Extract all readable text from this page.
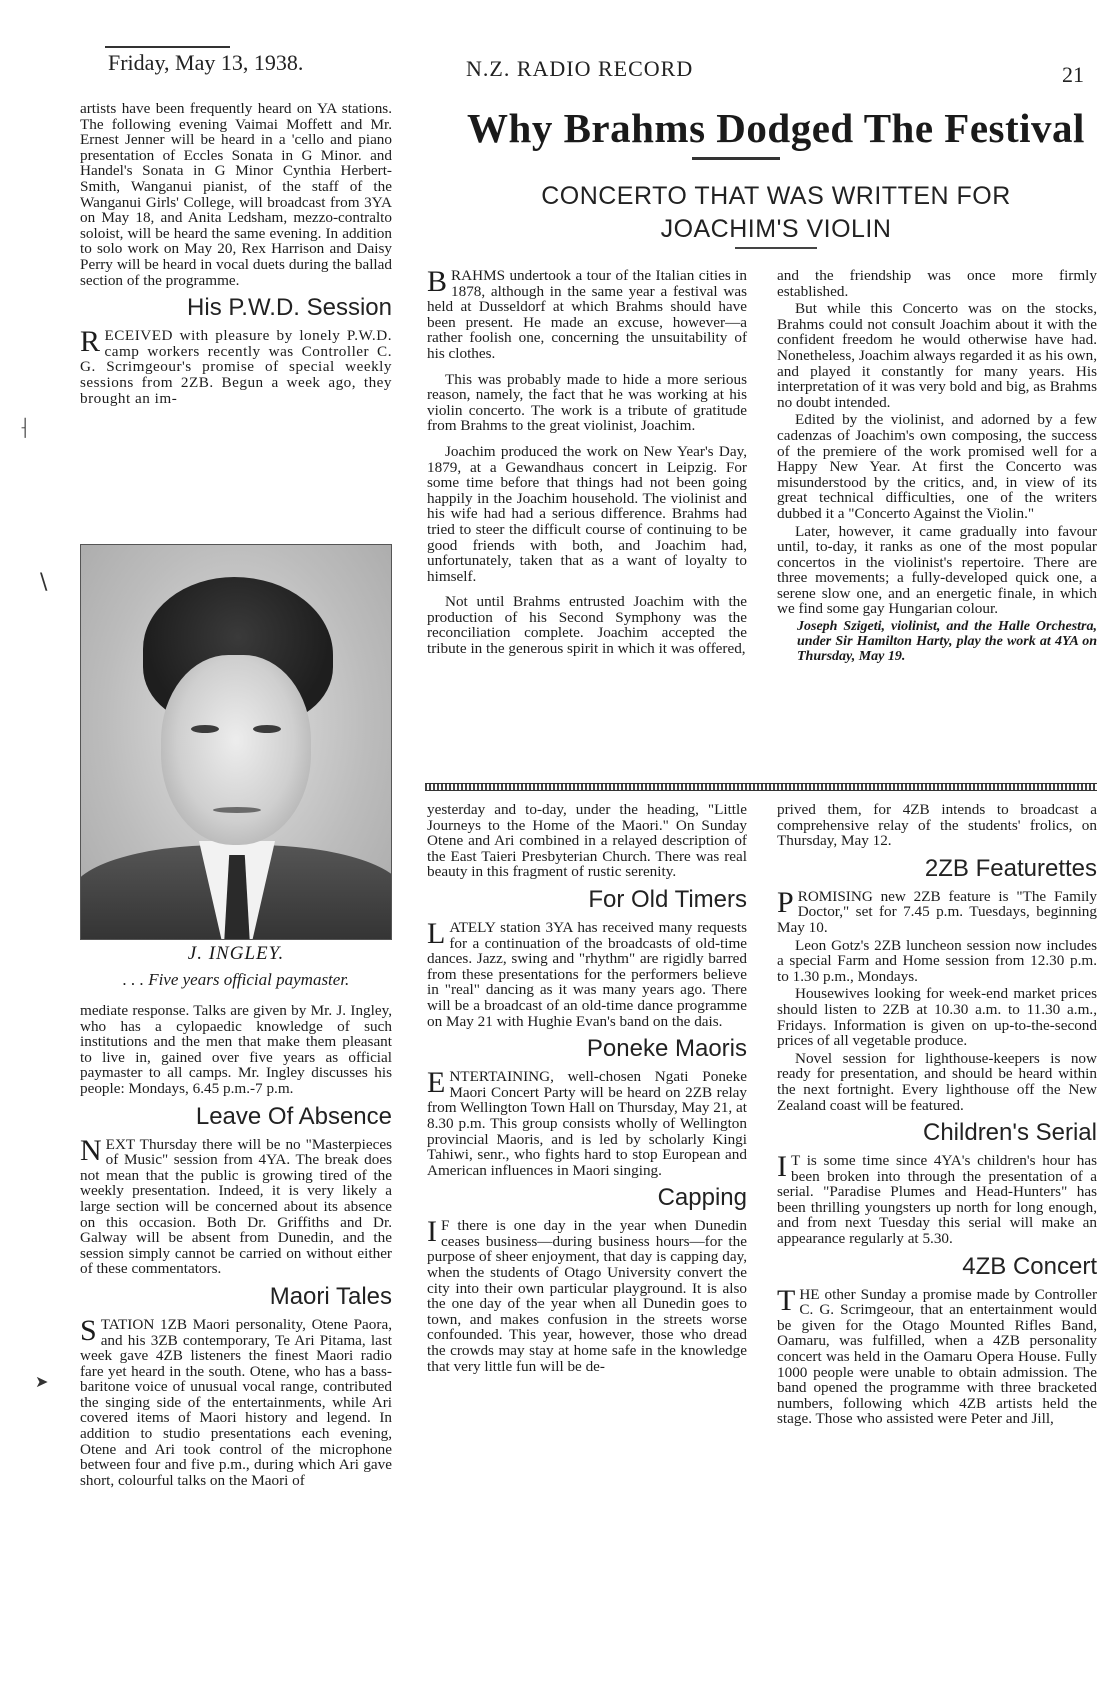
Friday, May 13, 1938.	N.Z. RADIO RECORD	21

artists have been frequently heard on YA stations. The following evening Vaimai Moffett and Mr. Ernest Jenner will be heard in a 'cello and piano presentation of Eccles Sonata in G Minor. and Handel's Sonata in G Minor Cynthia Herbert-Smith, Wanganui pianist, of the staff of the Wanganui Girls' College, will broadcast from 3YA on May 18, and Anita Ledsham, mezzo-contralto soloist, will be heard the same evening. In addition to solo work on May 20, Rex Harrison and Daisy Perry will be heard in vocal duets during the ballad section of the programme.

His P.W.D. Session

RECEIVED with pleasure by lonely P.W.D. camp workers recently was Controller C. G. Scrimgeour's promise of special weekly sessions from 2ZB. Begun a week ago, they brought an im-

J. INGLEY.
. . . Five years official paymaster.

mediate response. Talks are given by Mr. J. Ingley, who has a cylopaedic knowledge of such institutions and the men that make them pleasant to live in, gained over five years as official paymaster to all camps. Mr. Ingley discusses his people: Mondays, 6.45 p.m.-7 p.m.

Leave Of Absence

NEXT Thursday there will be no "Masterpieces of Music" session from 4YA. The break does not mean that the public is growing tired of the weekly presentation. Indeed, it is very likely a large section will be concerned about its absence on this occasion. Both Dr. Griffiths and Dr. Galway will be absent from Dunedin, and the session simply cannot be carried on without either of these commentators.

Maori Tales

STATION 1ZB Maori personality, Otene Paora, and his 3ZB contemporary, Te Ari Pitama, last week gave 4ZB listeners the finest Maori radio fare yet heard in the south. Otene, who has a bass-baritone voice of unusual vocal range, contributed the singing side of the entertainments, while Ari covered items of Maori history and legend. In addition to studio presentations each evening, Otene and Ari took control of the microphone between four and five p.m., during which Ari gave short, colourful talks on the Maori of

Why Brahms Dodged The Festival
CONCERTO THAT WAS WRITTEN FOR
JOACHIM'S VIOLIN

BRAHMS undertook a tour of the Italian cities in 1878, although in the same year a festival was held at Dusseldorf at which Brahms should have been present. He made an excuse, however—a rather foolish one, concerning the unsuitability of his clothes.

This was probably made to hide a more serious reason, namely, the fact that he was working at his violin concerto. The work is a tribute of gratitude from Brahms to the great violinist, Joachim.

Joachim produced the work on New Year's Day, 1879, at a Gewandhaus concert in Leipzig. For some time before that things had not been going happily in the Joachim household. The violinist and his wife had had a serious difference. Brahms had tried to steer the difficult course of continuing to be good friends with both, and Joachim had, unfortunately, taken that as a want of loyalty to himself.

Not until Brahms entrusted Joachim with the production of his Second Symphony was the reconciliation complete. Joachim accepted the tribute in the generous spirit in which it was offered,

and the friendship was once more firmly established.

But while this Concerto was on the stocks, Brahms could not consult Joachim about it with the confident freedom he would otherwise have had. Nonetheless, Joachim always regarded it as his own, and played it constantly for many years. His interpretation of it was very bold and big, as Brahms no doubt intended.

Edited by the violinist, and adorned by a few cadenzas of Joachim's own composing, the success of the premiere of the work promised well for a Happy New Year. At first the Concerto was misunderstood by the critics, and, in view of its great technical difficulties, one of the writers dubbed it a "Concerto Against the Violin."

Later, however, it came gradually into favour until, to-day, it ranks as one of the most popular concertos in the violinist's repertoire. There are three movements; a fully-developed quick one, a serene slow one, and an energetic finale, in which we find some gay Hungarian colour.

Joseph Szigeti, violinist, and the Halle Orchestra, under Sir Hamilton Harty, play the work at 4YA on Thursday, May 19.

yesterday and to-day, under the heading, "Little Journeys to the Home of the Maori." On Sunday Otene and Ari combined in a relayed description of the East Taieri Presbyterian Church. There was real beauty in this fragment of rustic serenity.

For Old Timers

LATELY station 3YA has received many requests for a continuation of the broadcasts of old-time dances. Jazz, swing and "rhythm" are rigidly barred from these presentations for the performers believe in "real" dancing as it was many years ago. There will be a broadcast of an old-time dance programme on May 21 with Hughie Evan's band on the dais.

Poneke Maoris

ENTERTAINING, well-chosen Ngati Poneke Maori Concert Party will be heard on 2ZB relay from Wellington Town Hall on Thursday, May 21, at 8.30 p.m. This group consists wholly of Wellington provincial Maoris, and is led by scholarly Kingi Tahiwi, senr., who fights hard to stop European and American influences in Maori singing.

Capping

I F there is one day in the year when Dunedin ceases business—during business hours—for the purpose of sheer enjoyment, that day is capping day, when the students of Otago University convert the city into their own particular playground. It is also the one day of the year when all Dunedin goes to town, and makes confusion in the streets worse confounded. This year, however, those who dread the crowds may stay at home safe in the knowledge that very little fun will be de-

prived them, for 4ZB intends to broadcast a comprehensive relay of the students' frolics, on Thursday, May 12.

2ZB Featurettes

PROMISING new 2ZB feature is "The Family Doctor," set for 7.45 p.m. Tuesdays, beginning May 10.

Leon Gotz's 2ZB luncheon session now includes a special Farm and Home session from 12.30 p.m. to 1.30 p.m., Mondays.

Housewives looking for week-end market prices should listen to 2ZB at 10.30 a.m. to 11.30 a.m., Fridays. Information is given on up-to-the-second prices of all vegetable produce.

Novel session for lighthouse-keepers is now ready for presentation, and should be heard within the next fortnight. Every lighthouse off the New Zealand coast will be featured.

Children's Serial

I T is some time since 4YA's children's hour has been broken into through the presentation of a serial. "Paradise Plumes and Head-Hunters" has been thrilling youngsters up north for long enough, and from next Tuesday this serial will make an appearance regularly at 5.30.

4ZB Concert

THE other Sunday a promise made by Controller C. G. Scrimgeour, that an entertainment would be given for the Otago Mounted Rifles Band, Oamaru, was fulfilled, when a 4ZB personality concert was held in the Oamaru Opera House. Fully 1000 people were unable to obtain admission. The band opened the programme with three bracketed numbers, following which 4ZB artists held the stage. Those who assisted were Peter and Jill,

⸡
\
➤
